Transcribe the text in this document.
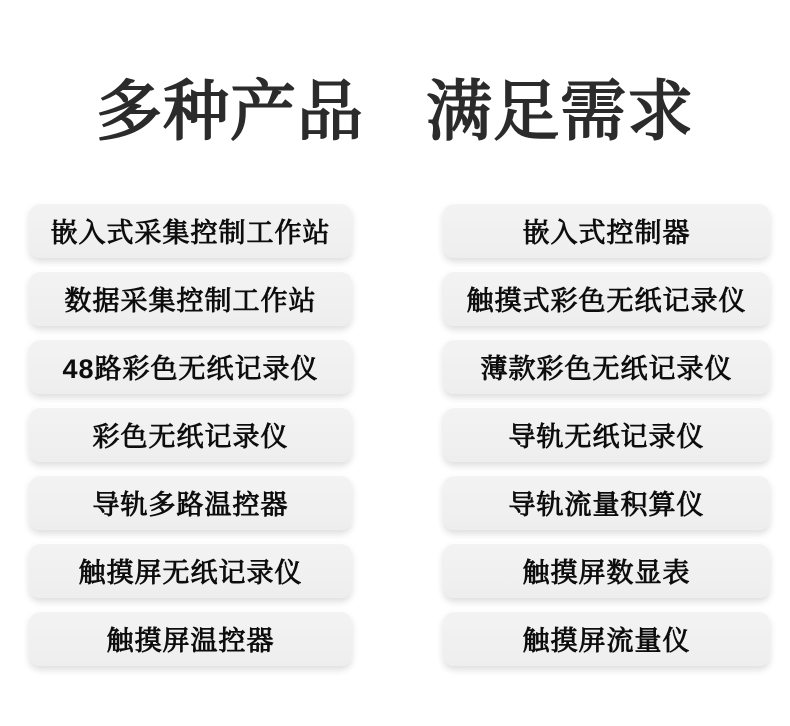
多种产品 满足需求
嵌入式采集控制工作站
数据采集控制工作站
48路彩色无纸记录仪
彩色无纸记录仪
导轨多路温控器
触摸屏无纸记录仪
触摸屏温控器
嵌入式控制器
触摸式彩色无纸记录仪
薄款彩色无纸记录仪
导轨无纸记录仪
导轨流量积算仪
触摸屏数显表
触摸屏流量仪
